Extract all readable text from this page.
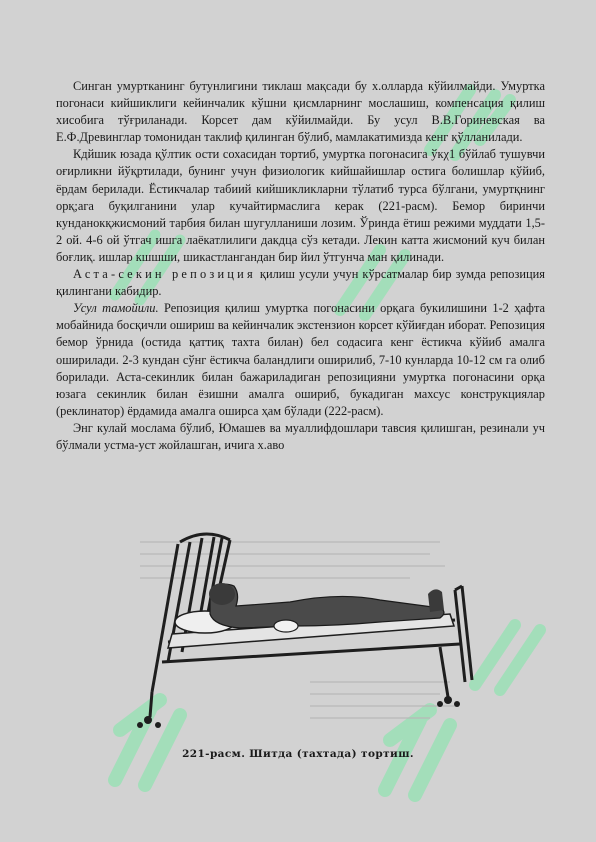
Синган умуртканинг бутунлигини тиклаш мақсади бу х.олларда кўйилмайди. Умуртка погонаси кийшиклиги кейинчалик кўшни қисмларнинг мослашиш, компенсация қилиш хисобига тўғриланади. Корсет дам кўйилмайди. Бу усул В.В.Гориневская ва Е.Ф.Древинглар томонидан таклиф қилинган бўлиб, мамлакатимизда кенг қўлланилади.

Кдйшик юзада қўлтик ости сохасидан тортиб, умуртка погонасига ўкχ1 бўйлаб тушувчи оғирликни йўқртилади, бунинг учун физиологик кийшайишлар остига болишлар кўйиб, ёрдам берилади. Ёстикчалар табиий кийшикликларни тўлатиб турса бўлгани, умуртқнинг орқ;ага буқилганини улар кучайтирмаслига керак (221-расм). Бемор биринчи кунданокқжисмоний тарбия билан шугулланиши лозим. Ўринда ётиш режими муддати 1,5-2 ой. 4-6 ой ўтгач ишга лаёкатлилиги дакдца сўз кетади. Лекин катта жисмоний куч билан боғлиқ. ишлар кшшши, шикастлангандан бир йил ўтгунча ман қилинади.

Аста-секин репозиция қилиш усули учун кўрсатмалар бир зумда репозиция қилингани кабидир.

Усул тамойили. Репозиция қилиш умуртка погонасини орқага букилишини 1-2 ҳафта мобайнида босқичли ошириш ва кейинчалик экстензион корсет кўйиғдан иборат. Репозиция бемор ўрнида (остида қаттиқ тахта билан) бел содасига кенг ёстикча кўйиб амалга оширилади. 2-3 кундан сўнг ёстикча баландлиги оширилиб, 7-10 кунларда 10-12 см га олиб борилади. Аста-секинлик билан бажариладиган репозицияни умуртка погонасини орқа юзага секинлик билан ёзишни амалга ошириб, букадиган махсус конструкциялар (реклинатор) ёрдамида амалга оширса ҳам бўлади (222-расм).

Энг кулай мослама бўлиб, Юмашев ва муаллифдошлари тавсия қилишган, резинали уч бўлмали устма-уст жойлашган, ичига х.аво

221-расм. Шитда (тахтада) тортиш.
